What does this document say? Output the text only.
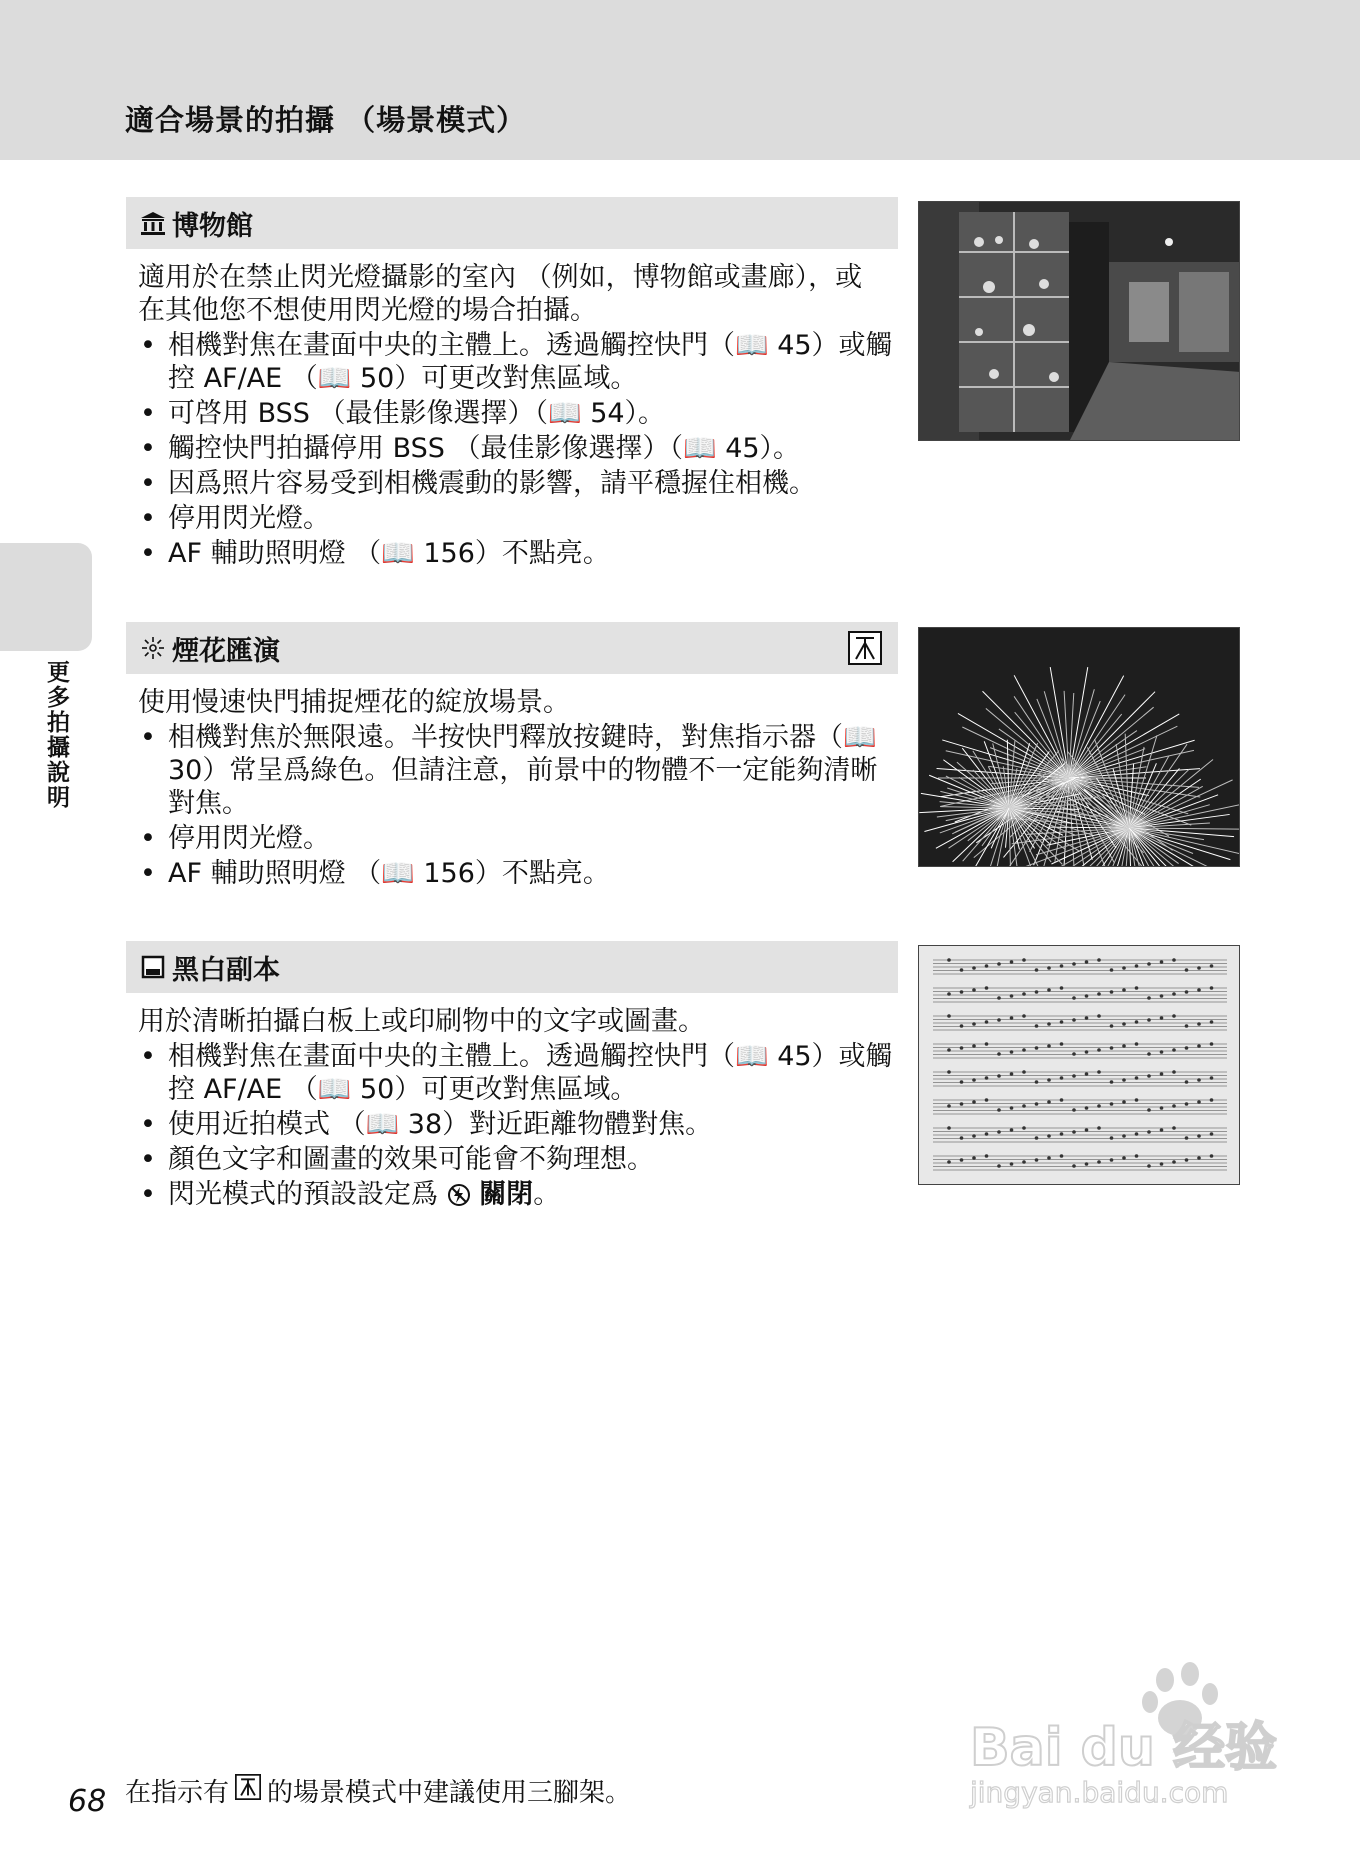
適合場景的拍攝 （場景模式）
更多拍攝說明
博物館
適用於在禁止閃光燈攝影的室內 （例如，博物館或畫廊），或在其他您不想使用閃光燈的場合拍攝。
• 相機對焦在畫面中央的主體上。透過觸控快門（📖 45）或觸控 AF/AE （📖 50）可更改對焦區域。
• 可啓用 BSS （最佳影像選擇）（📖 54）。
• 觸控快門拍攝停用 BSS （最佳影像選擇）（📖 45）。
• 因爲照片容易受到相機震動的影響，請平穩握住相機。
• 停用閃光燈。
• AF 輔助照明燈 （📖 156）不點亮。
煙花匯演
使用慢速快門捕捉煙花的綻放場景。
• 相機對焦於無限遠。半按快門釋放按鍵時，對焦指示器（📖 30）常呈爲綠色。但請注意，前景中的物體不一定能夠清晰對焦。
• 停用閃光燈。
• AF 輔助照明燈 （📖 156）不點亮。
黑白副本
用於清晰拍攝白板上或印刷物中的文字或圖畫。
• 相機對焦在畫面中央的主體上。透過觸控快門（📖 45）或觸控 AF/AE （📖 50）可更改對焦區域。
• 使用近拍模式 （📖 38）對近距離物體對焦。
• 顏色文字和圖畫的效果可能會不夠理想。
• 閃光模式的預設設定爲  關閉。
68 在指示有 的場景模式中建議使用三腳架。
Bai du 经验
jingyan.baidu.com
